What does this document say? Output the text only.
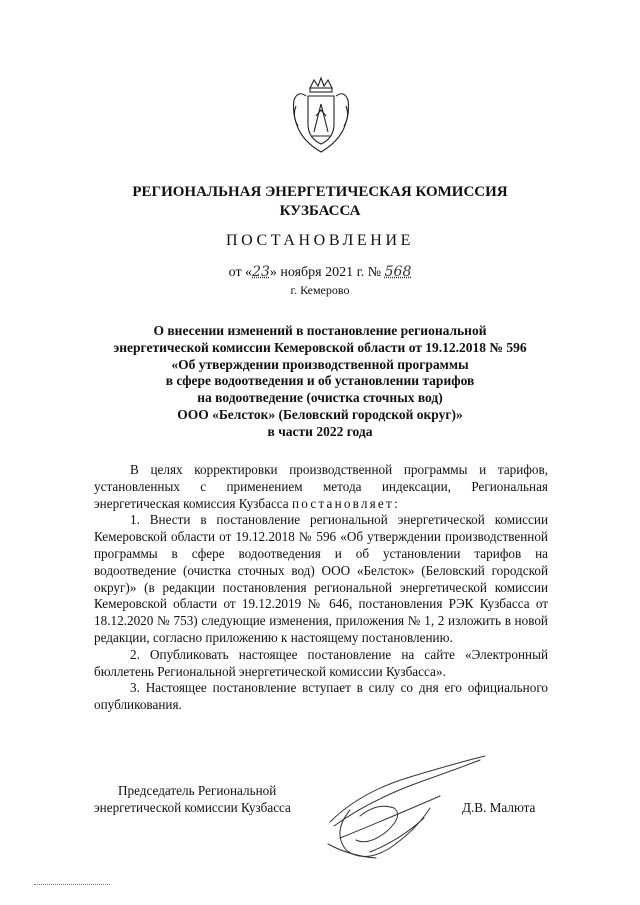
РЕГИОНАЛЬНАЯ ЭНЕРГЕТИЧЕСКАЯ КОМИССИЯ
КУЗБАССА
ПОСТАНОВЛЕНИЕ
от «23» ноября 2021 г. № 568
г. Кемерово
О внесении изменений в постановление региональной
энергетической комиссии Кемеровской области от 19.12.2018 № 596
«Об утверждении производственной программы
в сфере водоотведения и об установлении тарифов
на водоотведение (очистка сточных вод)
ООО «Белсток» (Беловский городской округ)»
в части 2022 года

В целях корректировки производственной программы и тарифов, установленных с применением метода индексации, Региональная энергетическая комиссия Кузбасса постановляет:

1. Внести в постановление региональной энергетической комиссии Кемеровской области от 19.12.2018 № 596 «Об утверждении производственной программы в сфере водоотведения и об установлении тарифов на водоотведение (очистка сточных вод) ООО «Белсток» (Беловский городской округ)» (в редакции постановления региональной энергетической комиссии Кемеровской области от 19.12.2019 № 646, постановления РЭК Кузбасса от 18.12.2020 № 753) следующие изменения, приложения № 1, 2 изложить в новой редакции, согласно приложению к настоящему постановлению.

2. Опубликовать настоящее постановление на сайте «Электронный бюллетень Региональной энергетической комиссии Кузбасса».

3. Настоящее постановление вступает в силу со дня его официального опубликования.

Председатель Региональной
энергетической комиссии Кузбасса	Д.В. Малюта
